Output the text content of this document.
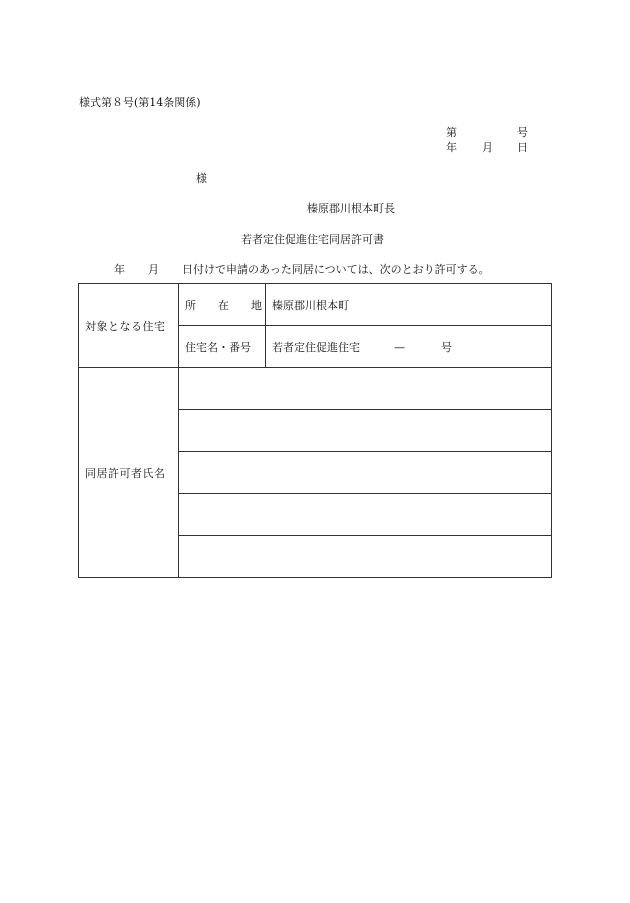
様式第８号(第14条関係)
第	号
年 月 日
様
榛原郡川根本町長
若者定住促進住宅同居許可書
年 月 日付けで申請のあった同居については、次のとおり許可する。
対象となる住宅	所　　在　　地	榛原郡川根本町
	住宅名・番号	若者定住促進住宅 — 号
同居許可者氏名		
